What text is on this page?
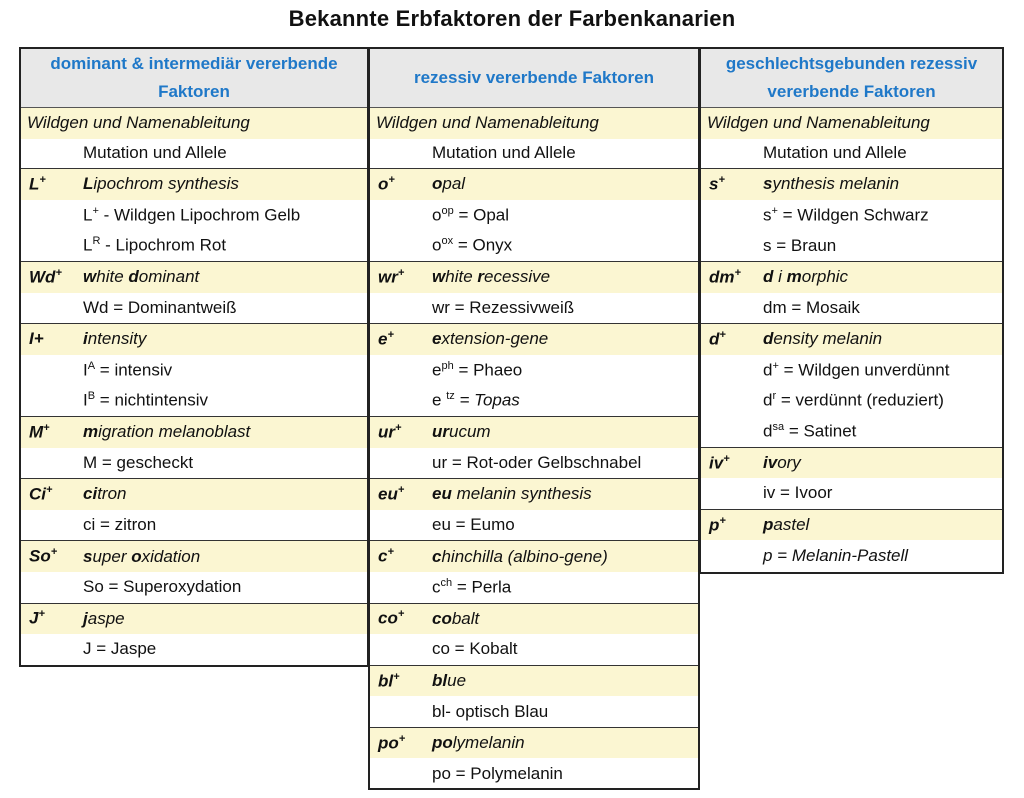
Bekannte Erbfaktoren der Farbenkanarien
dominant & intermediär vererbende Faktoren
Wildgen und Namenableitung
Mutation und Allele
L+	Lipochrom synthesis
L+ - Wildgen Lipochrom Gelb
$L^R$ - Lipochrom Rot
Wd+	white dominant
Wd = Dominantweiß
I+	intensity
$I^A$ = intensiv
$I^B$ = nichtintensiv
M+	migration melanoblast
M = gescheckt
Ci+	citron
ci = zitron
So+	super oxidation
So = Superoxydation
J+	jaspe
J = Jaspe
rezessiv vererbende Faktoren
Wildgen und Namenableitung
Mutation und Allele
o+	opal
$o^{op}$ = Opal
$o^{ox}$ = Onyx
wr+	white recessive
wr = Rezessivweiß
e+	extension-gene
$e^{ph}$ = Phaeo
e $^{tz}$ = Topas
ur+	urucum
ur = Rot-oder Gelbschnabel
eu+	eu melanin synthesis
eu = Eumo
c+	chinchilla (albino-gene)
$c^{ch}$ = Perla
co+	cobalt
co = Kobalt
bl+	blue
bl- optisch Blau
po+	polymelanin
po = Polymelanin
geschlechtsgebunden rezessiv vererbende Faktoren
Wildgen und Namenableitung
Mutation und Allele
s+	synthesis melanin
s+ = Wildgen Schwarz
s = Braun
dm+	d i morphic
dm = Mosaik
d+	density melanin
d+ = Wildgen unverdünnt
$d^r$ = verdünnt (reduziert)
$d^{sa}$ = Satinet
iv+	ivory
iv = Ivoor
p+	pastel
p = Melanin-Pastell
